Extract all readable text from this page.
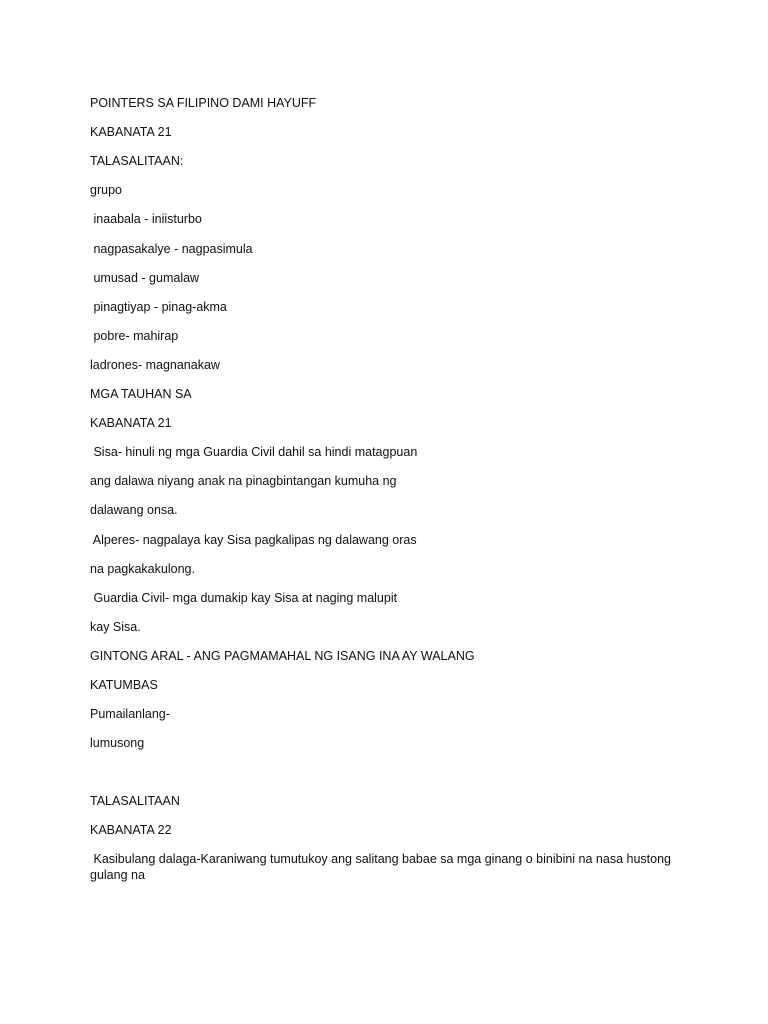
POINTERS SA FILIPINO DAMI HAYUFF
KABANATA 21
TALASALITAAN:
grupo
inaabala - iniisturbo
nagpasakalye - nagpasimula
umusad - gumalaw
pinagtiyap - pinag-akma
pobre- mahirap
ladrones- magnanakaw
MGA TAUHAN SA
KABANATA 21
Sisa- hinuli ng mga Guardia Civil dahil sa hindi matagpuan
ang dalawa niyang anak na pinagbintangan kumuha ng
dalawang onsa.
Alperes- nagpalaya kay Sisa pagkalipas ng dalawang oras
na pagkakakulong.
Guardia Civil- mga dumakip kay Sisa at naging malupit
kay Sisa.
GINTONG ARAL - ANG PAGMAMAHAL NG ISANG INA AY WALANG
KATUMBAS
Pumailanlang-
lumusong
TALASALITAAN
KABANATA 22
Kasibulang dalaga-Karaniwang tumutukoy ang salitang babae sa mga ginang o binibini na nasa hustong gulang na
